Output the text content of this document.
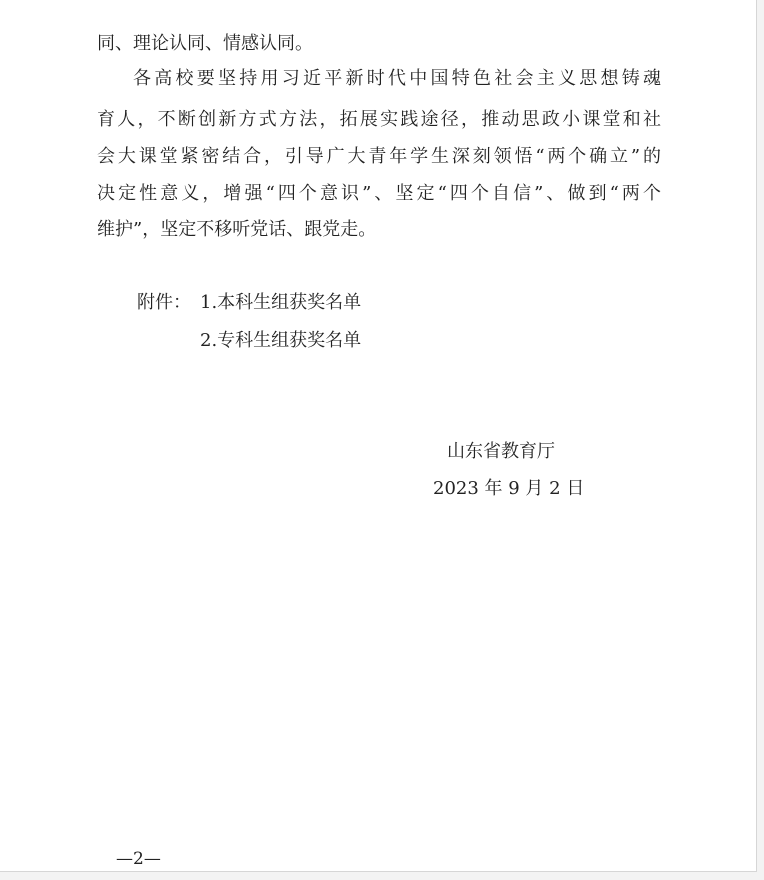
同、理论认同、情感认同。
各高校要坚持用习近平新时代中国特色社会主义思想铸魂
育人，不断创新方式方法，拓展实践途径，推动思政小课堂和社
会大课堂紧密结合，引导广大青年学生深刻领悟“两个确立”的
决定性意义，增强“四个意识”、坚定“四个自信”、做到“两个
维护”，坚定不移听党话、跟党走。
附件： 1.本科生组获奖名单
2.专科生组获奖名单
山东省教育厅
2023 年 9 月 2 日
—2—
